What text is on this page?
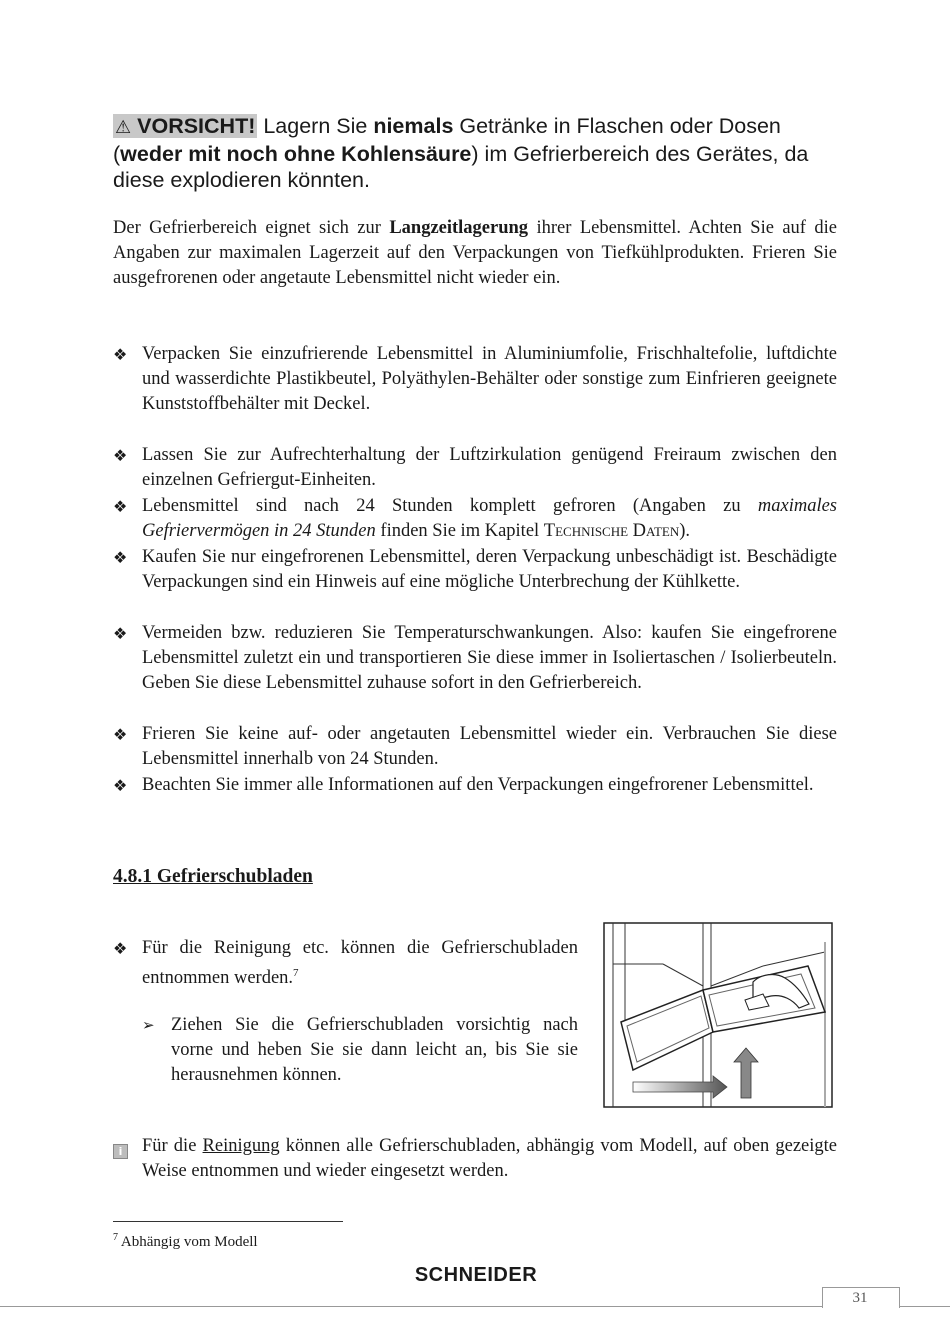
⚠ VORSICHT! Lagern Sie niemals Getränke in Flaschen oder Dosen (weder mit noch ohne Kohlensäure) im Gefrierbereich des Gerätes, da diese explodieren könnten.
Der Gefrierbereich eignet sich zur Langzeitlagerung ihrer Lebensmittel. Achten Sie auf die Angaben zur maximalen Lagerzeit auf den Verpackungen von Tiefkühlprodukten. Frieren Sie ausgefrorenen oder angetaute Lebensmittel nicht wieder ein.
❖ Verpacken Sie einzufrierende Lebensmittel in Aluminiumfolie, Frischhaltefolie, luftdichte und wasserdichte Plastikbeutel, Polyäthylen-Behälter oder sonstige zum Einfrieren geeignete Kunststoffbehälter mit Deckel.
❖ Lassen Sie zur Aufrechterhaltung der Luftzirkulation genügend Freiraum zwischen den einzelnen Gefriergut-Einheiten.
❖ Lebensmittel sind nach 24 Stunden komplett gefroren (Angaben zu maximales Gefriervermögen in 24 Stunden finden Sie im Kapitel Technische Daten).
❖ Kaufen Sie nur eingefrorenen Lebensmittel, deren Verpackung unbeschädigt ist. Beschädigte Verpackungen sind ein Hinweis auf eine mögliche Unterbrechung der Kühlkette.
❖ Vermeiden bzw. reduzieren Sie Temperaturschwankungen. Also: kaufen Sie eingefrorene Lebensmittel zuletzt ein und transportieren Sie diese immer in Isoliertaschen / Isolierbeuteln. Geben Sie diese Lebensmittel zuhause sofort in den Gefrierbereich.
❖ Frieren Sie keine auf- oder angetauten Lebensmittel wieder ein. Verbrauchen Sie diese Lebensmittel innerhalb von 24 Stunden.
❖ Beachten Sie immer alle Informationen auf den Verpackungen eingefrorener Lebensmittel.
4.8.1 Gefrierschubladen
❖ Für die Reinigung etc. können die Gefrierschubladen entnommen werden.$^7$
➢ Ziehen Sie die Gefrierschubladen vorsichtig nach vorne und heben Sie sie dann leicht an, bis Sie sie herausnehmen können.
i	Für die Reinigung können alle Gefrierschubladen, abhängig vom Modell, auf oben gezeigte Weise entnommen und wieder eingesetzt werden.
$^7$ Abhängig vom Modell
SCHNEIDER
31
